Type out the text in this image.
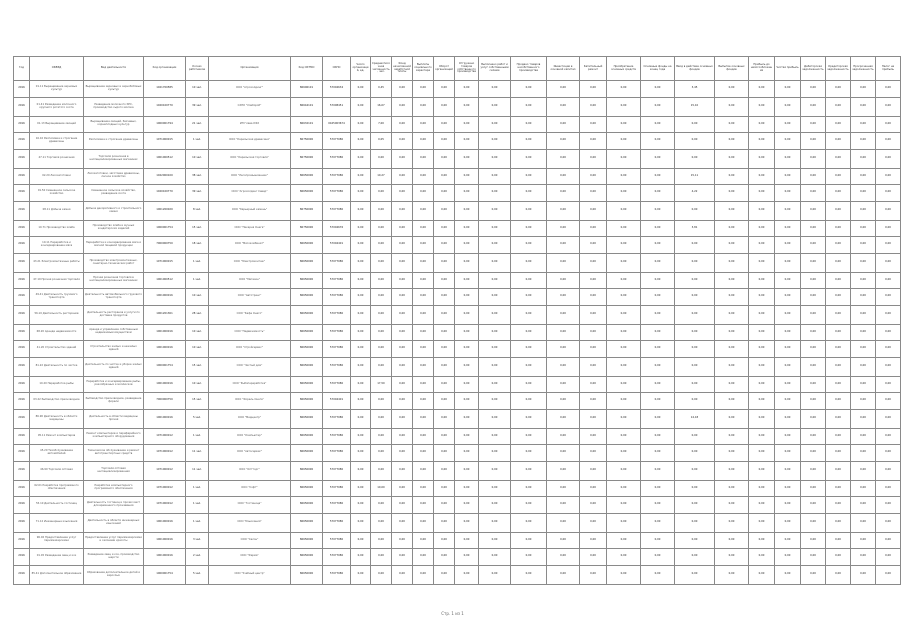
Год	ОКВЭД	Вид деятельности	Код организации	Кол-во работников	Организация	Код ОКТМО	ОКПО	Число организаций, ед.	Среднесписочная численность, чел.	Фонд начисленной заработной платы	Выплаты социального характера	Оборот организаций	Отгружено товаров собственного производства	Выполнено работ и услуг собственными силами	Продано товаров несобственного производства	Инвестиции в основной капитал	Капитальный ремонт	Приобретение основных средств	Основные фонды на конец года	Ввод в действие основных фондов	Выбытие основных фондов	Прибыль до налогообложения	Чистая прибыль	Дебиторская задолженность	Кредиторская задолженность	Просроченная задолженность	Налог на прибыль
2016	01.11 Выращивание зерновых культур	Выращивание зерновых и зернобобовых культур	1021700585	10 чел.	ООО "Агрохолдинг"	86606101	57004634	0,00	0,45	0,00	0,00	0,00	0,00	0,00	0,00	0,00	0,00	0,00	0,00	3,45	0,00	0,00	0,00	0,00	0,00	0,00	0,00
2016	01.41 Разведение молочного крупного рогатого скота	Разведение молочного КРС, производство сырого молока	1020100770	39 чел.	СХПК "Хлебороб"	86644101	57008451	0,00	16,07	0,00	0,00	0,00	0,00	0,00	0,00	0,00	0,00	0,00	0,00	15,10	0,00	0,00	0,00	0,00	0,00	0,00	0,00
2016	01.13 Выращивание овощей	Выращивание овощей, бахчевых, корнеплодных культур	1000001794	21 чел.	ИП Глава КФХ	86632101	0165003674	0,00	7,00	0,00	0,00	0,00	0,00	0,00	0,00	0,00	0,00	0,00	0,00	0,00	0,00	0,00	0,00	0,00	0,00	0,00	0,00
2016	16.10 Распиловка и строгание древесины	Распиловка и строгание древесины	1071000015	1 чел.	ООО "Карельская древесина"	86750000	57077080	0,00	0,05	0,00	0,00	0,00	0,00	0,00	0,00	0,00	0,00	0,00	0,00	0,00	0,00	0,00	0,00	0,00	0,00	0,00	0,00
2016	47.11 Торговля розничная	Торговля розничная в неспециализированных магазинах	1001000512	10 чел.	ООО "Карельская торговля"	86750000	57077080	0,00	0,00	0,00	0,00	0,00	0,00	0,00	0,00	0,00	0,00	0,00	0,00	0,00	0,00	0,00	0,00	0,00	0,00	0,00	0,00
2016	02.20 Лесозаготовки	Лесозаготовки, заготовка древесины, лесное хозяйство	1022000100	38 чел.	ООО "Лесопромышленник"	86650000	57077080	0,00	10,27	0,00	0,00	0,00	0,00	0,00	0,00	0,00	0,00	0,00	0,00	15,11	0,00	0,00	0,00	0,00	0,00	0,00	0,00
2016	01.50 Смешанное сельское хозяйство	Смешанное сельское хозяйство, разведение скота	1020100770	39 чел.	ООО "Агрохолдинг Север"	86650000	57077080	0,00	0,00	0,00	0,00	0,00	0,00	0,00	0,00	0,00	0,00	0,00	0,00	4,22	0,00	0,00	0,00	0,00	0,00	0,00	0,00
2016	08.11 Добыча камня	Добыча декоративного и строительного камня	1001200020	8 чел.	ООО "Карьерный камень"	86750000	57077080	0,00	0,00	0,00	0,00	0,00	0,00	0,00	0,00	0,00	0,00	0,00	0,00	0,00	0,00	0,00	0,00	0,00	0,00	0,00	0,00
2016	10.71 Производство хлеба	Производство хлеба и мучных кондитерских изделий	1000001754	15 чел.	ООО "Пекарня Онега"	86750000	57004676	0,00	0,00	0,00	0,00	0,00	0,00	0,00	0,00	0,00	0,00	0,00	0,00	3,81	0,00	0,00	0,00	0,00	0,00	0,00	0,00
2016	10.11 Переработка и консервирование мяса	Переработка и консервирование мяса и мясной пищевой продукции	7000000750	18 чел.	ООО "Мясокомбинат"	86650000	57004401	0,00	0,00	0,00	0,00	0,00	0,00	0,00	0,00	0,00	0,00	0,00	0,00	0,00	0,00	0,00	0,00	0,00	0,00	0,00	0,00
2016	43.21 Электромонтажные работы	Производство электромонтажных, санитарно-технических работ	1071000015	1 чел.	ООО "Электромонтаж"	86650000	57077080	0,00	0,00	0,00	0,00	0,00	0,00	0,00	0,00	0,00	0,00	0,00	0,00	0,00	0,00	0,00	0,00	0,00	0,00	0,00	0,00
2016	47.19 Прочая розничная торговля	Прочая розничная торговля в неспециализированных магазинах	1001000512	1 чел.	ООО "Магазин"	86650000	57077080	0,00	0,00	0,00	0,00	0,00	0,00	0,00	0,00	0,00	0,00	0,00	0,00	0,00	0,00	0,00	0,00	0,00	0,00	0,00	0,00
2016	49.41 Деятельность грузового транспорта	Деятельность автомобильного грузового транспорта	1001000016	10 чел.	ООО "Автотранс"	86650000	57077080	0,00	0,00	0,00	0,00	0,00	0,00	0,00	0,00	0,00	0,00	0,00	0,00	0,00	0,00	0,00	0,00	0,00	0,00	0,00	0,00
2016	56.10 Деятельность ресторанов	Деятельность ресторанов и услуги по доставке продуктов	1001201361	28 чел.	ООО "Кафе Онего"	86650000	57077080	0,00	0,00	0,00	0,00	0,00	0,00	0,00	0,00	0,00	0,00	0,00	0,00	0,00	0,00	0,00	0,00	0,00	0,00	0,00	0,00
2016	68.20 Аренда недвижимости	Аренда и управление собственным недвижимым имуществом	1001000016	10 чел.	ООО "Недвижимость"	86650000	57077080	0,00	0,00	0,00	0,00	0,00	0,00	0,00	0,00	0,00	0,00	0,00	0,00	0,00	0,00	0,00	0,00	0,00	0,00	0,00	0,00
2016	41.20 Строительство зданий	Строительство жилых и нежилых зданий	1001000016	10 чел.	ООО "Стройсервис"	86650000	57077080	0,00	0,00	0,00	0,00	0,00	0,00	0,00	0,00	0,00	0,00	0,00	0,00	0,00	0,00	0,00	0,00	0,00	0,00	0,00	0,00
2016	81.22 Деятельность по чистке	Деятельность по чистке и уборке жилых зданий	1000001754	15 чел.	ООО "Чистый дом"	86650000	57077080	0,00	0,00	0,00	0,00	0,00	0,00	0,00	0,00	0,00	0,00	0,00	0,00	0,00	0,00	0,00	0,00	0,00	0,00	0,00	0,00
2016	10.20 Переработка рыбы	Переработка и консервирование рыбы, ракообразных и моллюсков	1001000016	10 чел.	ООО "Рыбопереработка"	86650000	57077080	0,00	17,50	0,00	0,00	0,00	0,00	0,00	0,00	0,00	0,00	0,00	0,00	0,00	0,00	0,00	0,00	0,00	0,00	0,00	0,00
2016	03.22 Рыбоводство пресноводное	Рыбоводство пресноводное, разведение форели	7000000750	15 чел.	ООО "Форель Онега"	86650000	57004401	0,00	0,00	0,00	0,00	0,00	0,00	0,00	0,00	0,00	0,00	0,00	0,00	0,00	0,00	0,00	0,00	0,00	0,00	0,00	0,00
2016	86.90 Деятельность в области медицины	Деятельность в области медицины прочая	1001000016	5 чел.	ООО "Медцентр"	86650000	57077080	0,00	0,00	0,00	0,00	0,00	0,00	0,00	0,00	0,00	0,00	0,00	0,00	14,18	0,00	0,00	0,00	0,00	0,00	0,00	0,00
2016	95.11 Ремонт компьютеров	Ремонт компьютеров и периферийного компьютерного оборудования	1071000012	1 чел.	ООО "Компьютер"	86650000	57077080	0,00	0,00	0,00	0,00	0,00	0,00	0,00	0,00	0,00	0,00	0,00	0,00	0,00	0,00	0,00	0,00	0,00	0,00	0,00	0,00
2016	45.20 Техобслуживание автомобилей	Техническое обслуживание и ремонт автотранспортных средств	1071000012	11 чел.	ООО "Автосервис"	86650000	57077080	0,00	0,00	0,00	0,00	0,00	0,00	0,00	0,00	0,00	0,00	0,00	0,00	0,00	0,00	0,00	0,00	0,00	0,00	0,00	0,00
2016	46.90 Торговля оптовая	Торговля оптовая неспециализированная	1071000012	11 чел.	ООО "Оптторг"	86650000	57077080	0,00	0,00	0,00	0,00	0,00	0,00	0,00	0,00	0,00	0,00	0,00	0,00	0,00	0,00	0,00	0,00	0,00	0,00	0,00	0,00
2016	62.01 Разработка программного обеспечения	Разработка компьютерного программного обеспечения	1071000012	1 чел.	ООО "Софт"	86650000	57077080	0,00	10,00	0,00	0,00	0,00	0,00	0,00	0,00	0,00	0,00	0,00	0,00	0,00	0,00	0,00	0,00	0,00	0,00	0,00	0,00
2016	55.10 Деятельность гостиниц	Деятельность гостиниц и прочих мест для временного проживания	1071000012	1 чел.	ООО "Гостиница"	86650000	57077080	0,00	0,00	0,00	0,00	0,00	0,00	0,00	0,00	0,00	0,00	0,00	0,00	0,00	0,00	0,00	0,00	0,00	0,00	0,00	0,00
2016	71.12 Инженерные изыскания	Деятельность в области инженерных изысканий	1001000016	1 чел.	ООО "Изыскания"	86650000	57077080	0,00	0,00	0,00	0,00	0,00	0,00	0,00	0,00	0,00	0,00	0,00	0,00	0,00	0,00	0,00	0,00	0,00	0,00	0,00	0,00
2016	96.02 Предоставление услуг парикмахерскими	Предоставление услуг парикмахерскими и салонами красоты	1001000016	3 чел.	ООО "Салон"	86650000	57077080	0,00	0,00	0,00	0,00	0,00	0,00	0,00	0,00	0,00	0,00	0,00	0,00	0,00	0,00	0,00	0,00	0,00	0,00	0,00	0,00
2016	01.45 Разведение овец и коз	Разведение овец и коз, производство шерсти	1001000016	2 чел.	ООО "Ферма"	86650000	57077080	0,00	0,00	0,00	0,00	0,00	0,00	0,00	0,00	0,00	0,00	0,00	0,00	0,00	0,00	0,00	0,00	0,00	0,00	0,00	0,00
2016	85.41 Дополнительное образование	Образование дополнительное детей и взрослых	1000001754	5 чел.	ООО "Учебный центр"	86650000	57077080	0,00	0,00	0,00	0,00	0,00	0,00	0,00	0,00	0,00	0,00	0,00	0,00	0,00	0,00	0,00	0,00	0,00	0,00	0,00	0,00
Стр. 1 из 1
